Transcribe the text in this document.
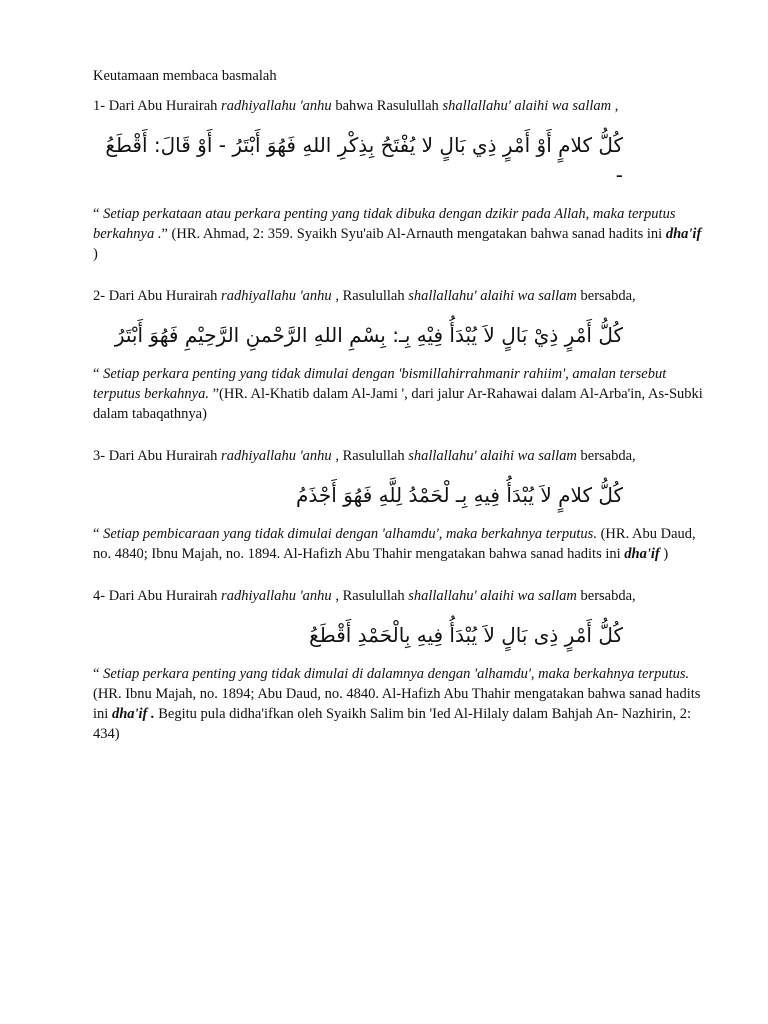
Keutamaan membaca basmalah

1- Dari Abu Hurairah radhiyallahu 'anhu bahwa Rasulullah shallallahu' alaihi wa sallam ,

كُلُّ كلامٍ أَوْ أَمْرٍ ذِي بَالٍ لا يُفْتَحُ بِذِكْرِ اللهِ فَهُوَ أَبْتَرُ - أَوْ قَالَ: أَقْطَعُ -

“ Setiap perkataan atau perkara penting yang tidak dibuka dengan dzikir pada Allah, maka terputus berkahnya .” (HR. Ahmad, 2: 359. Syaikh Syu'aib Al-Arnauth mengatakan bahwa sanad hadits ini dha'if )

2- Dari Abu Hurairah radhiyallahu 'anhu , Rasulullah shallallahu' alaihi wa sallam bersabda,

كُلُّ أَمْرٍ ذِيْ بَالٍ لاَ يُبْدَأُ فِيْهِ بِـ: بِسْمِ اللهِ الرَّحْمنِ الرَّحِيْمِ فَهُوَ أَبْتَرُ

“ Setiap perkara penting yang tidak dimulai dengan 'bismillahirrahmanir rahiim', amalan tersebut terputus berkahnya. ”(HR. Al-Khatib dalam Al-Jami ', dari jalur Ar-Rahawai dalam Al-Arba'in, As-Subki dalam tabaqathnya)

3- Dari Abu Hurairah radhiyallahu 'anhu , Rasulullah shallallahu' alaihi wa sallam bersabda,

كُلُّ كلامٍ لاَ يُبْدَأُ فِيهِ بِـ لْحَمْدُ لِلَّهِ فَهُوَ أَجْذَمُ

“ Setiap pembicaraan yang tidak dimulai dengan 'alhamdu', maka berkahnya terputus. (HR. Abu Daud, no. 4840; Ibnu Majah, no. 1894. Al-Hafizh Abu Thahir mengatakan bahwa sanad hadits ini dha'if )

4- Dari Abu Hurairah radhiyallahu 'anhu , Rasulullah shallallahu' alaihi wa sallam bersabda,

كُلُّ أَمْرٍ ذِى بَالٍ لاَ يُبْدَأُ فِيهِ بِالْحَمْدِ أَقْطَعُ

“ Setiap perkara penting yang tidak dimulai di dalamnya dengan 'alhamdu', maka berkahnya terputus. (HR. Ibnu Majah, no. 1894; Abu Daud, no. 4840. Al-Hafizh Abu Thahir mengatakan bahwa sanad hadits ini dha'if . Begitu pula didha'ifkan oleh Syaikh Salim bin 'Ied Al-Hilaly dalam Bahjah An- Nazhirin, 2: 434)
